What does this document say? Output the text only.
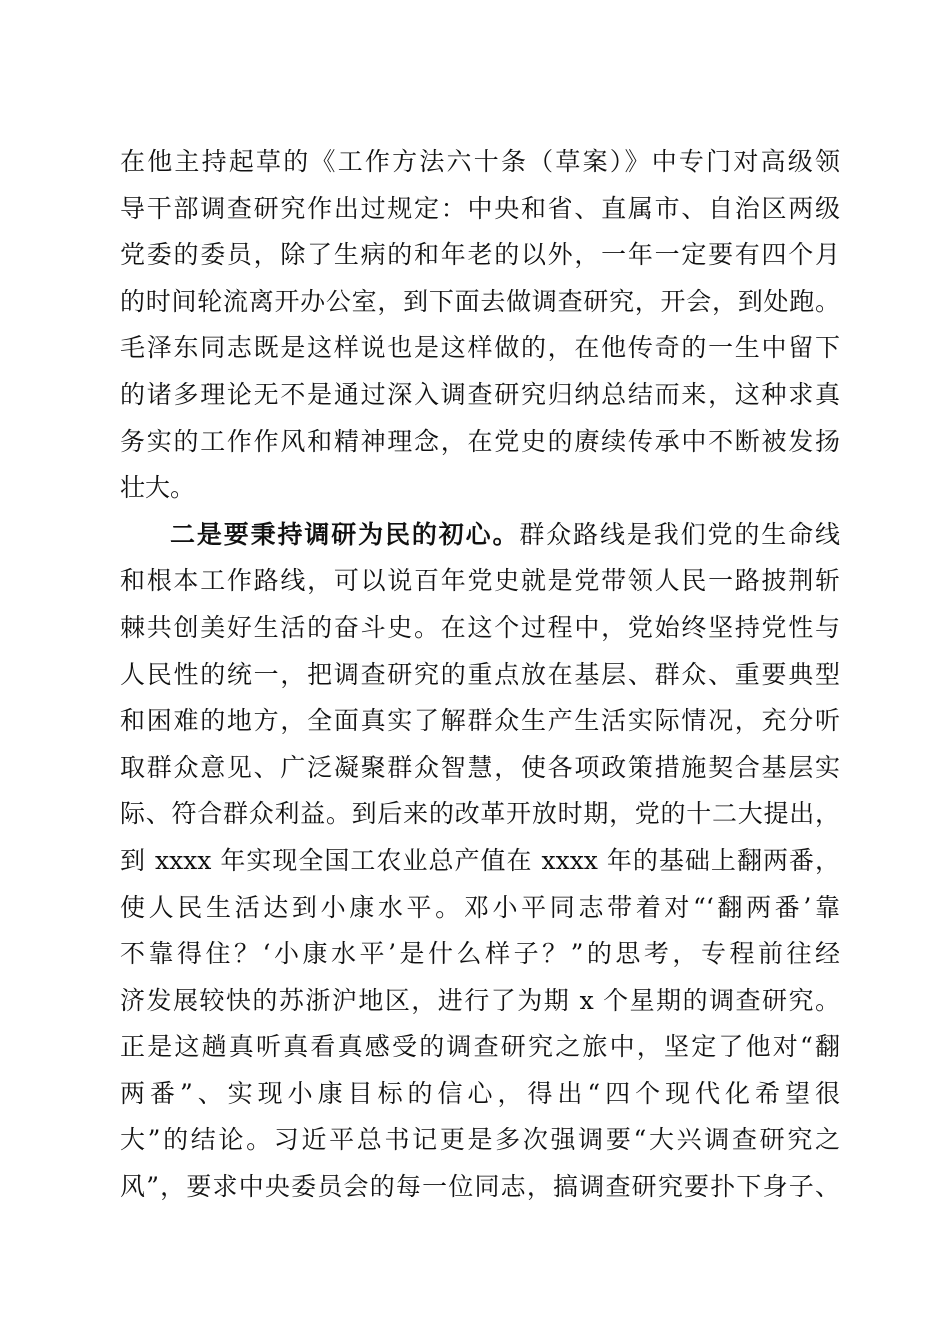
在他主持起草的《工作方法六十条（草案）》中专门对高级领
导干部调查研究作出过规定：中央和省、直属市、自治区两级
党委的委员，除了生病的和年老的以外，一年一定要有四个月
的时间轮流离开办公室，到下面去做调查研究，开会，到处跑。
毛泽东同志既是这样说也是这样做的，在他传奇的一生中留下
的诸多理论无不是通过深入调查研究归纳总结而来，这种求真
务实的工作作风和精神理念，在党史的赓续传承中不断被发扬
壮大。
二是要秉持调研为民的初心。群众路线是我们党的生命线
和根本工作路线，可以说百年党史就是党带领人民一路披荆斩
棘共创美好生活的奋斗史。在这个过程中，党始终坚持党性与
人民性的统一，把调查研究的重点放在基层、群众、重要典型
和困难的地方，全面真实了解群众生产生活实际情况，充分听
取群众意见、广泛凝聚群众智慧，使各项政策措施契合基层实
际、符合群众利益。到后来的改革开放时期，党的十二大提出，
到 xxxx 年实现全国工农业总产值在 xxxx 年的基础上翻两番，
使人民生活达到小康水平。邓小平同志带着对“‘翻两番’靠
不靠得住？‘小康水平’是什么样子？”的思考，专程前往经
济发展较快的苏浙沪地区，进行了为期 x 个星期的调查研究。
正是这趟真听真看真感受的调查研究之旅中，坚定了他对“翻
两番”、实现小康目标的信心，得出“四个现代化希望很
大”的结论。习近平总书记更是多次强调要“大兴调查研究之
风”，要求中央委员会的每一位同志，搞调查研究要扑下身子、
